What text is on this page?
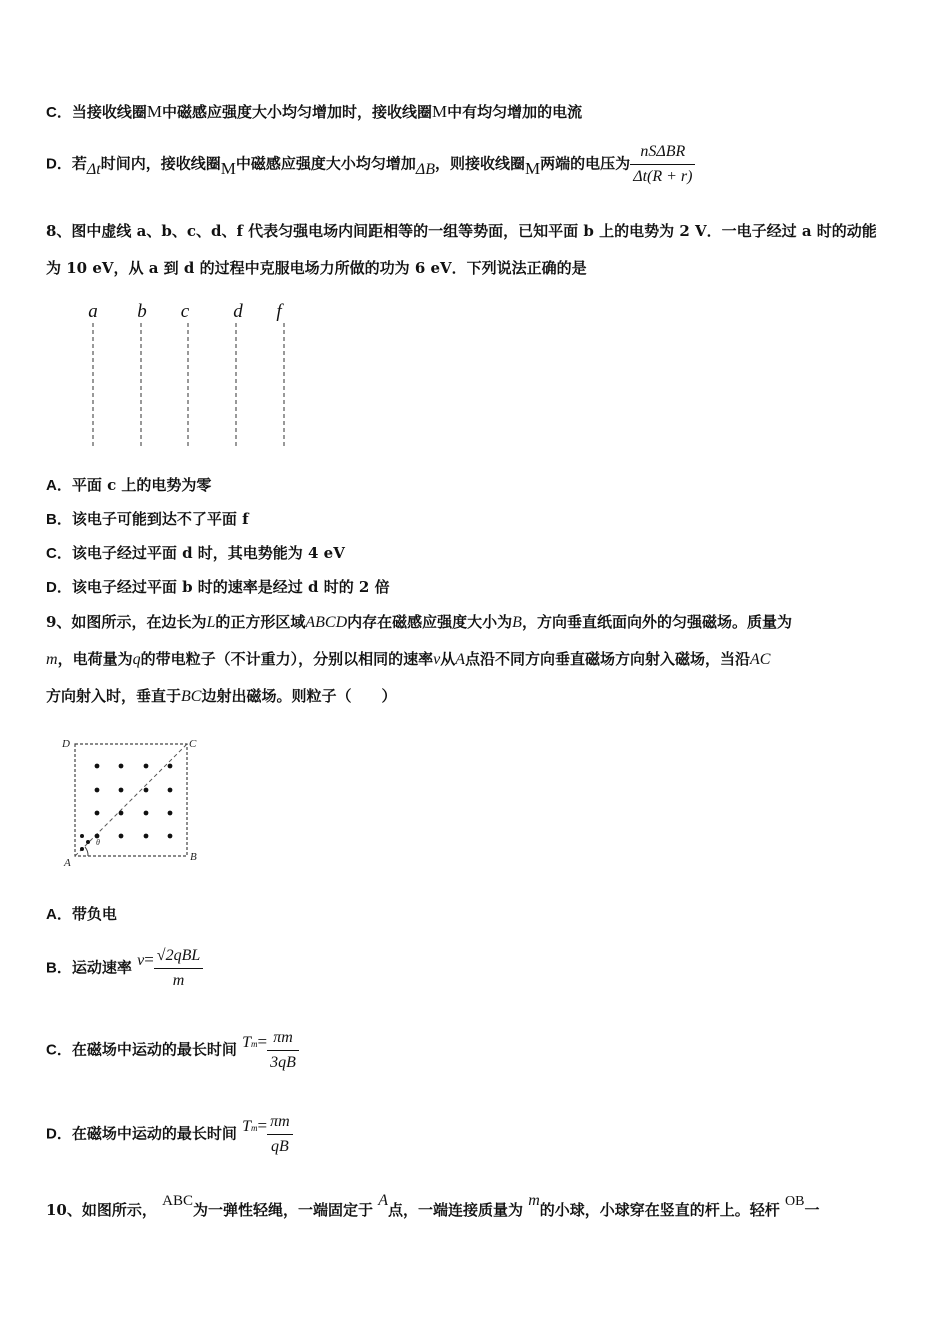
C．当接收线圈M中磁感应强度大小均匀增加时，接收线圈M中有均匀增加的电流
D．若Δt时间内，接收线圈M中磁感应强度大小均匀增加ΔB，则接收线圈M两端的电压为 $\frac{\text{nSΔBR}}{\Delta t(R + r)}$
8、图中虚线 a、b、c、d、f 代表匀强电场内间距相等的一组等势面，已知平面 b 上的电势为 2 V．一电子经过 a 时的动能
为 10 eV，从 a 到 d 的过程中克服电场力所做的功为 6 eV．下列说法正确的是
a b c d f
A．平面 c 上的电势为零
B．该电子可能到达不了平面 f
C．该电子经过平面 d 时，其电势能为 4 eV
D．该电子经过平面 b 时的速率是经过 d 时的 2 倍
9、如图所示，在边长为L的正方形区域ABCD内存在磁感应强度大小为B，方向垂直纸面向外的匀强磁场。质量为
m，电荷量为q的带电粒子（不计重力），分别以相同的速率v从A点沿不同方向垂直磁场方向射入磁场，当沿AC
方向射入时，垂直于BC边射出磁场。则粒子（　　）
D	C
A	B
θ
A．带负电
B．运动速率 $v= \frac{\text{√2qBL}}{m}$
C．在磁场中运动的最长时间 $Tm= \frac{\pi m}{3qB}$
D．在磁场中运动的最长时间 $Tm= \frac{\pi m}{qB}$
10、如图所示， ABC为一弹性轻绳，一端固定于 A点，一端连接质量为 m的小球，小球穿在竖直的杆上。轻杆 OB一
